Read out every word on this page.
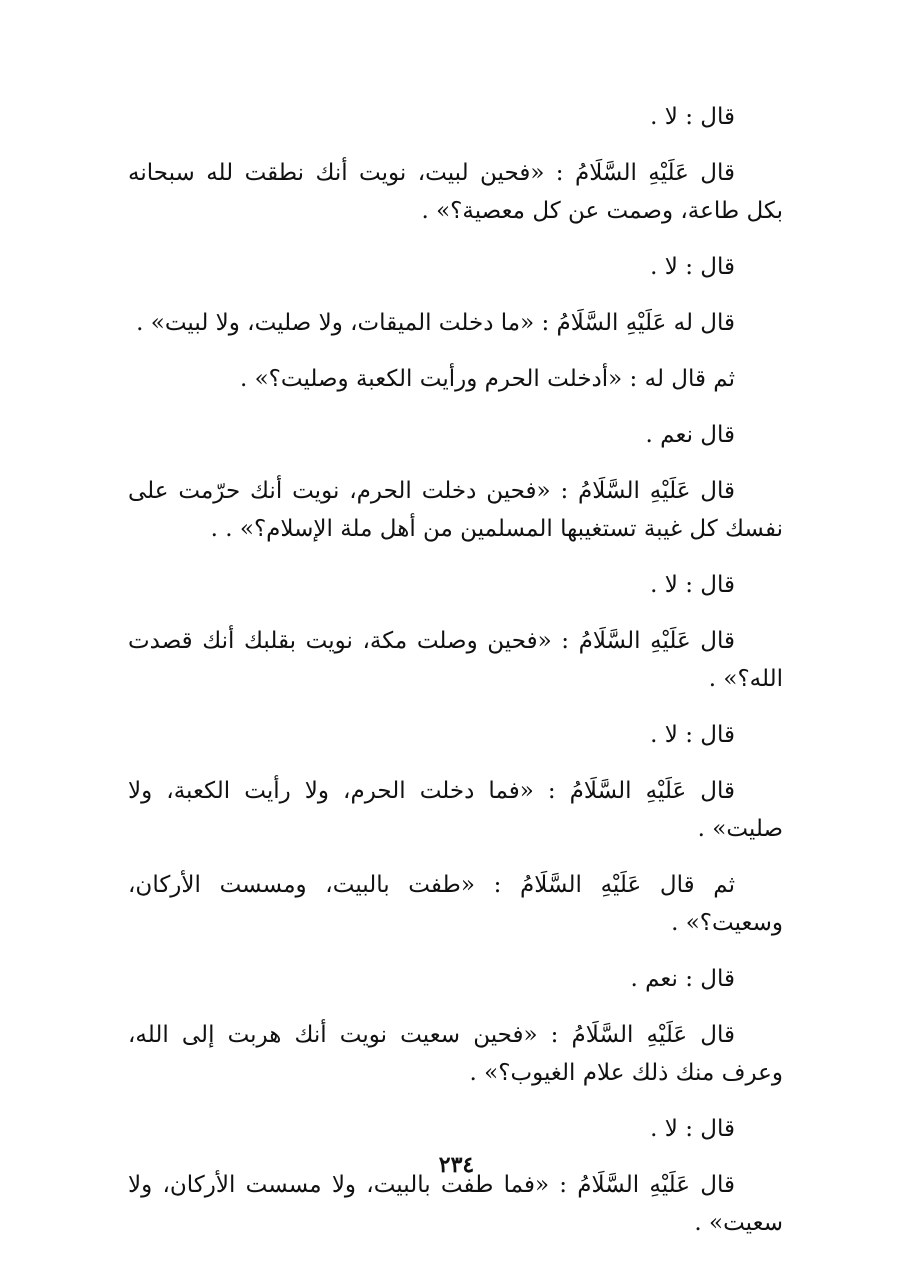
قال : لا .

قال عَلَيْهِ السَّلَامُ : «فحين لبيت، نويت أنك نطقت لله سبحانه بكل طاعة، وصمت عن كل معصية؟» .

قال : لا .

قال له عَلَيْهِ السَّلَامُ : «ما دخلت الميقات، ولا صليت، ولا لبيت» .

ثم قال له : «أدخلت الحرم ورأيت الكعبة وصليت؟» .

قال نعم .

قال عَلَيْهِ السَّلَامُ : «فحين دخلت الحرم، نويت أنك حرّمت على نفسك كل غيبة تستغيبها المسلمين من أهل ملة الإسلام؟» . .

قال : لا .

قال عَلَيْهِ السَّلَامُ : «فحين وصلت مكة، نويت بقلبك أنك قصدت الله؟» .

قال : لا .

قال عَلَيْهِ السَّلَامُ : «فما دخلت الحرم، ولا رأيت الكعبة، ولا صليت» .

ثم قال عَلَيْهِ السَّلَامُ : «طفت بالبيت، ومسست الأركان، وسعيت؟» .

قال : نعم .

قال عَلَيْهِ السَّلَامُ : «فحين سعيت نويت أنك هربت إلى الله، وعرف منك ذلك علام الغيوب؟» .

قال : لا .

قال عَلَيْهِ السَّلَامُ : «فما طفت بالبيت، ولا مسست الأركان، ولا سعيت» .

٢٣٤
